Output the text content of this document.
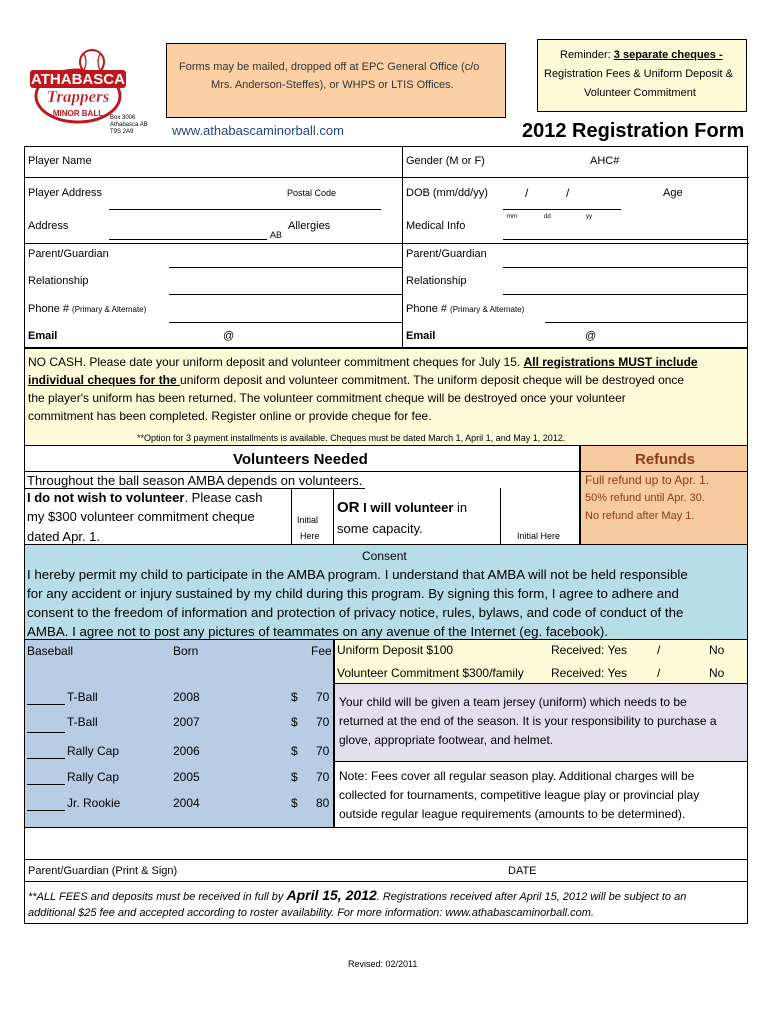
ATHABASCA
Trappers
MINOR BALL Box 3006
Athabasca AB
T9S 2A9
Forms may be mailed, dropped off at EPC General Office (c/o
Mrs. Anderson-Steffes), or WHPS or LTIS Offices.
Reminder: 3 separate cheques -
Registration Fees & Uniform Deposit &
Volunteer Commitment
www.athabascaminorball.com	2012 Registration Form
Player Name	Gender (M or F)	AHC#
Player Address	Postal Code	DOB (mm/dd/yy)	/	/	Age
mm	dd	yy
Address	Allergies
AB
Medical Info
Parent/Guardian	Parent/Guardian
Relationship	Relationship
Phone # (Primary & Alternate)	Phone # (Primary & Alternate)
Email	@	Email	@
NO CASH. Please date your uniform deposit and volunteer commitment cheques for July 15. All registrations MUST include
individual cheques for the uniform deposit and volunteer commitment. The uniform deposit cheque will be destroyed once
the player's uniform has been returned. The volunteer commitment cheque will be destroyed once your volunteer
commitment has been completed. Register online or provide cheque for fee.
**Option for 3 payment installments is available. Cheques must be dated March 1, April 1, and May 1, 2012.
Volunteers Needed
Throughout the ball season AMBA depends on volunteers.
I do not wish to volunteer. Please cash
my $300 volunteer commitment cheque
dated Apr. 1.
Initial
Here
OR I will volunteer in
some capacity.	Initial Here
Refunds
Full refund up to Apr. 1.
50% refund until Apr. 30.
No refund after May 1.
Consent
I hereby permit my child to participate in the AMBA program. I understand that AMBA will not be held responsible
for any accident or injury sustained by my child during this program. By signing this form, I agree to adhere and
consent to the freedom of information and protection of privacy notice, rules, bylaws, and code of conduct of the
AMBA. I agree not to post any pictures of teammates on any avenue of the Internet (eg. facebook).
Baseball	Born	Fee
T-Ball	2008	$ 70
T-Ball	2007	$ 70
Rally Cap	2006	$ 70
Rally Cap	2005	$ 70
Jr. Rookie	2004	$ 80
Uniform Deposit $100	Received: Yes /	No
Volunteer Commitment $300/family Received: Yes /	No
Your child will be given a team jersey (uniform) which needs to be
returned at the end of the season. It is your responsibility to purchase a
glove, appropriate footwear, and helmet.
Note: Fees cover all regular season play. Additional charges will be
collected for tournaments, competitive league play or provincial play
outside regular league requirements (amounts to be determined).
Parent/Guardian (Print & Sign)	DATE
**ALL FEES and deposits must be received in full by April 15, 2012. Registrations received after April 15, 2012 will be subject to an
additional $25 fee and accepted according to roster availability. For more information: www.athabascaminorball.com.
Revised: 02/2011
